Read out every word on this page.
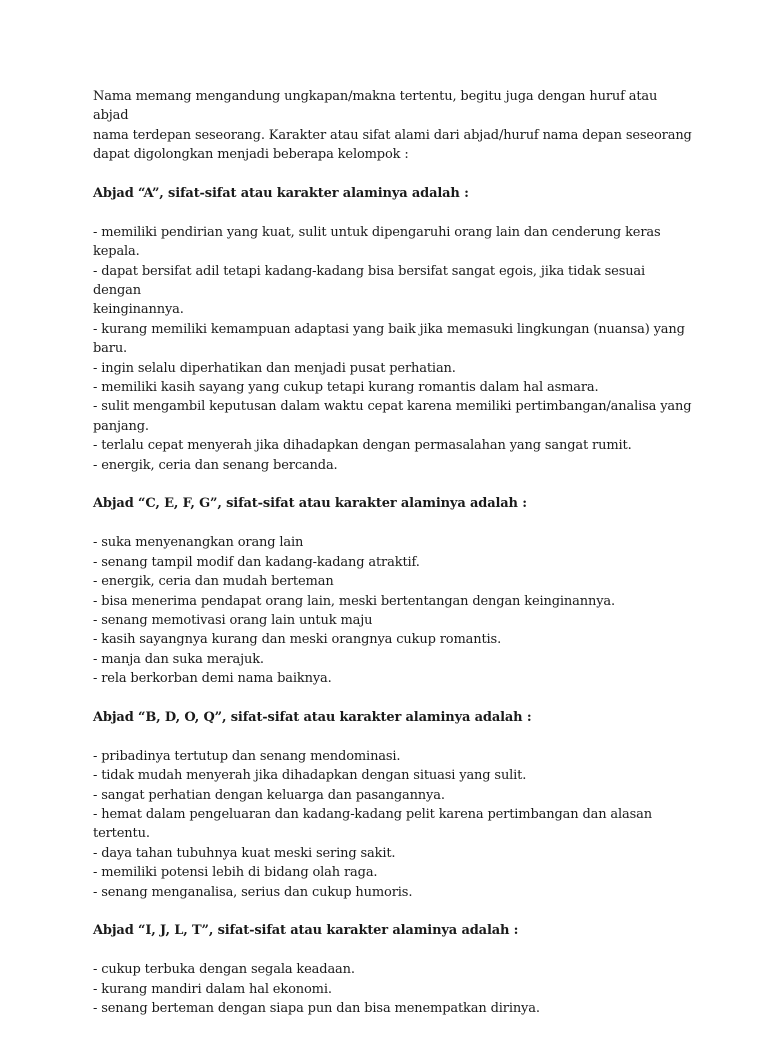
Nama memang mengandung ungkapan/makna tertentu, begitu juga dengan huruf atau abjad
nama terdepan seseorang. Karakter atau sifat alami dari abjad/huruf nama depan seseorang
dapat digolongkan menjadi beberapa kelompok :

Abjad “A”, sifat-sifat atau karakter alaminya adalah :

- memiliki pendirian yang kuat, sulit untuk dipengaruhi orang lain dan cenderung keras
kepala.
- dapat bersifat adil tetapi kadang-kadang bisa bersifat sangat egois, jika tidak sesuai dengan
keinginannya.
- kurang memiliki kemampuan adaptasi yang baik jika memasuki lingkungan (nuansa) yang
baru.
- ingin selalu diperhatikan dan menjadi pusat perhatian.
- memiliki kasih sayang yang cukup tetapi kurang romantis dalam hal asmara.
- sulit mengambil keputusan dalam waktu cepat karena memiliki pertimbangan/analisa yang
panjang.
- terlalu cepat menyerah jika dihadapkan dengan permasalahan yang sangat rumit.
- energik, ceria dan senang bercanda.

Abjad “C, E, F, G”, sifat-sifat atau karakter alaminya adalah :

- suka menyenangkan orang lain
- senang tampil modif dan kadang-kadang atraktif.
- energik, ceria dan mudah berteman
- bisa menerima pendapat orang lain, meski bertentangan dengan keinginannya.
- senang memotivasi orang lain untuk maju
- kasih sayangnya kurang dan meski orangnya cukup romantis.
- manja dan suka merajuk.
- rela berkorban demi nama baiknya.

Abjad “B, D, O, Q”, sifat-sifat atau karakter alaminya adalah :

- pribadinya tertutup dan senang mendominasi.
- tidak mudah menyerah jika dihadapkan dengan situasi yang sulit.
- sangat perhatian dengan keluarga dan pasangannya.
- hemat dalam pengeluaran dan kadang-kadang pelit karena pertimbangan dan alasan tertentu.
- daya tahan tubuhnya kuat meski sering sakit.
- memiliki potensi lebih di bidang olah raga.
- senang menganalisa, serius dan cukup humoris.

Abjad “I, J, L, T”, sifat-sifat atau karakter alaminya adalah :

- cukup terbuka dengan segala keadaan.
- kurang mandiri dalam hal ekonomi.
- senang berteman dengan siapa pun dan bisa menempatkan dirinya.
